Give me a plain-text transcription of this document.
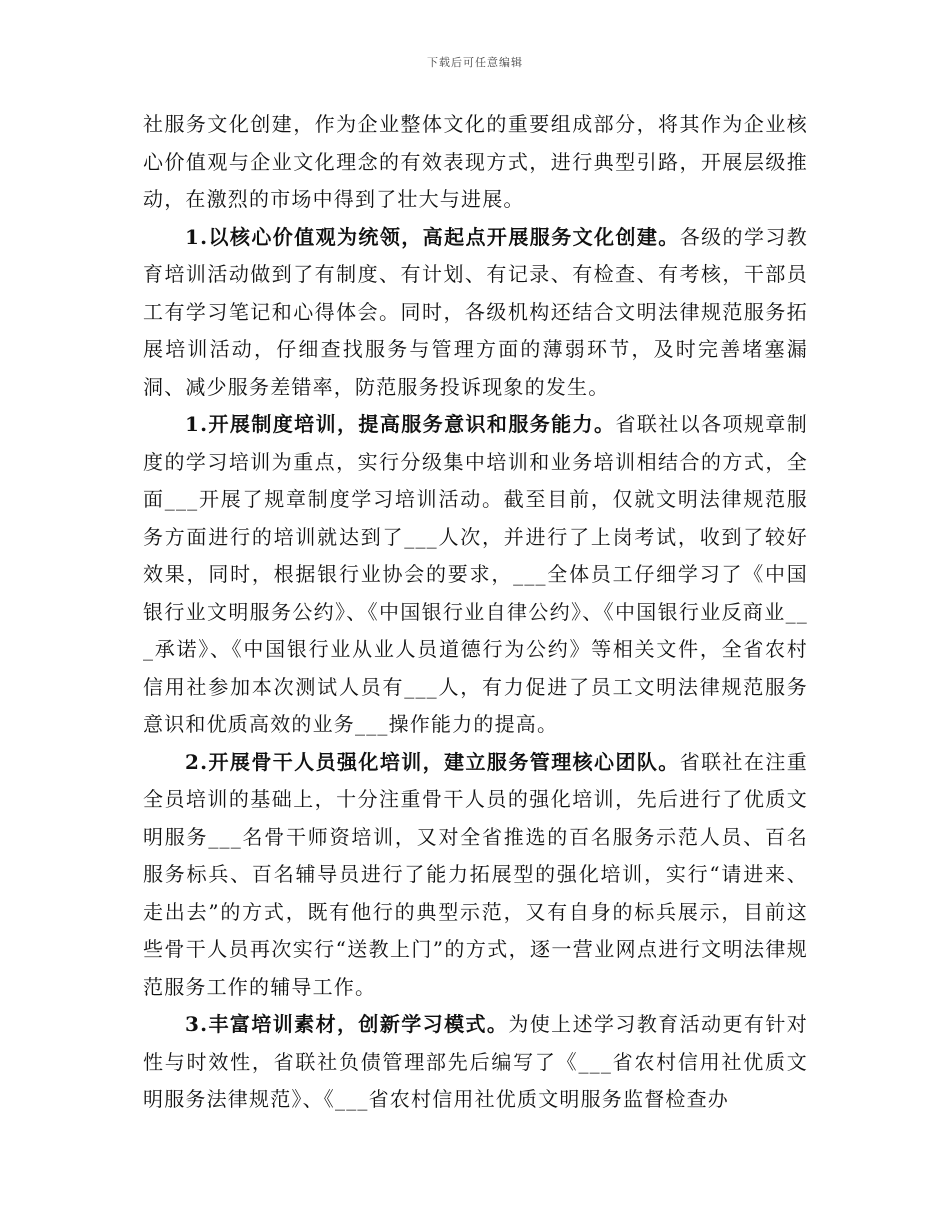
下载后可任意编辑

社服务文化创建，作为企业整体文化的重要组成部分，将其作为企业核心价值观与企业文化理念的有效表现方式，进行典型引路，开展层级推动，在激烈的市场中得到了壮大与进展。

1.以核心价值观为统领，高起点开展服务文化创建。各级的学习教育培训活动做到了有制度、有计划、有记录、有检查、有考核，干部员工有学习笔记和心得体会。同时，各级机构还结合文明法律规范服务拓展培训活动，仔细查找服务与管理方面的薄弱环节，及时完善堵塞漏洞、减少服务差错率，防范服务投诉现象的发生。

1.开展制度培训，提高服务意识和服务能力。省联社以各项规章制度的学习培训为重点，实行分级集中培训和业务培训相结合的方式，全面___开展了规章制度学习培训活动。截至目前，仅就文明法律规范服务方面进行的培训就达到了___人次，并进行了上岗考试，收到了较好效果，同时，根据银行业协会的要求，___全体员工仔细学习了《中国银行业文明服务公约》、《中国银行业自律公约》、《中国银行业反商业___承诺》、《中国银行业从业人员道德行为公约》等相关文件，全省农村信用社参加本次测试人员有___人，有力促进了员工文明法律规范服务意识和优质高效的业务___操作能力的提高。

2.开展骨干人员强化培训，建立服务管理核心团队。省联社在注重全员培训的基础上，十分注重骨干人员的强化培训，先后进行了优质文明服务___名骨干师资培训，又对全省推选的百名服务示范人员、百名服务标兵、百名辅导员进行了能力拓展型的强化培训，实行“请进来、走出去”的方式，既有他行的典型示范，又有自身的标兵展示，目前这些骨干人员再次实行“送教上门”的方式，逐一营业网点进行文明法律规范服务工作的辅导工作。

3.丰富培训素材，创新学习模式。为使上述学习教育活动更有针对性与时效性，省联社负债管理部先后编写了《___省农村信用社优质文明服务法律规范》、《___省农村信用社优质文明服务监督检查办
